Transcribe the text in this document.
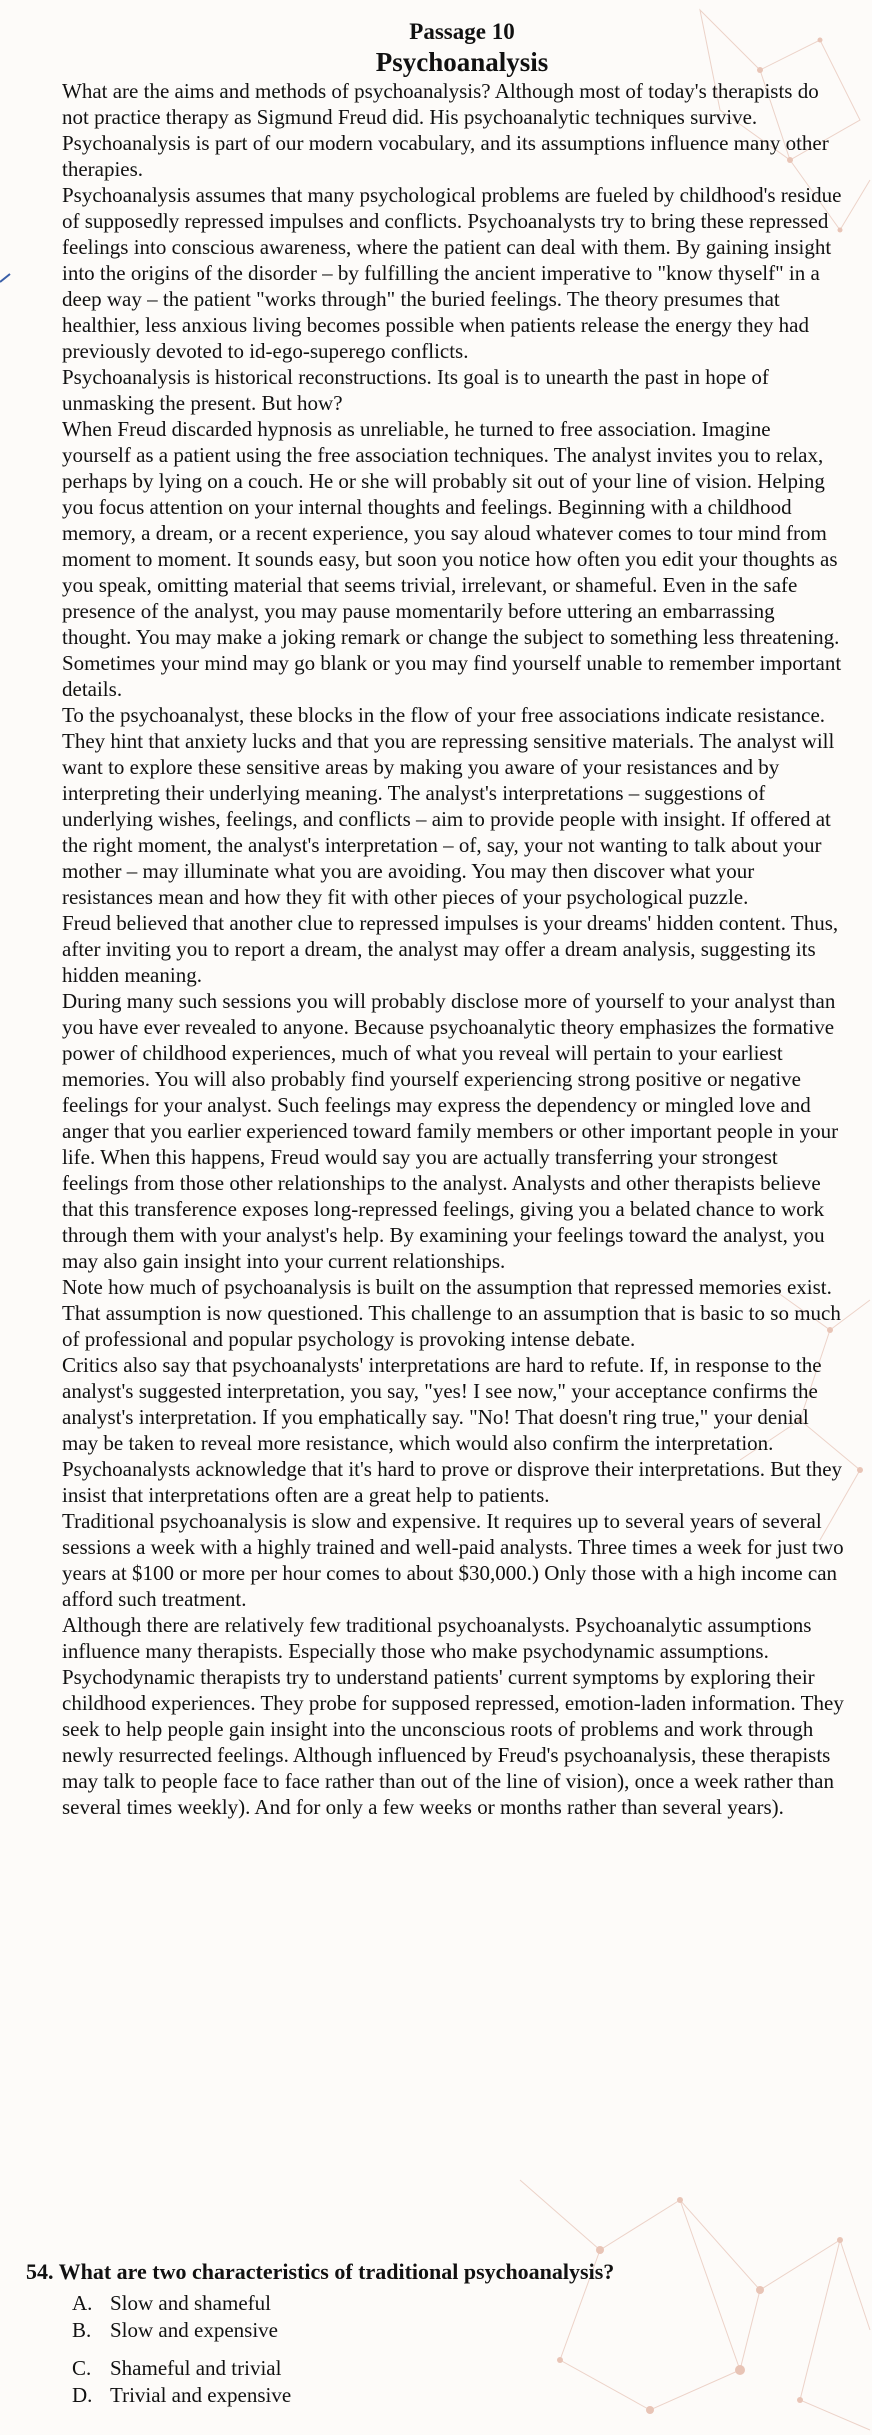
Passage 10
Psychoanalysis

What are the aims and methods of psychoanalysis? Although most of today's therapists do not practice therapy as Sigmund Freud did. His psychoanalytic techniques survive. Psychoanalysis is part of our modern vocabulary, and its assumptions influence many other therapies.

Psychoanalysis assumes that many psychological problems are fueled by childhood's residue of supposedly repressed impulses and conflicts. Psychoanalysts try to bring these repressed feelings into conscious awareness, where the patient can deal with them. By gaining insight into the origins of the disorder – by fulfilling the ancient imperative to "know thyself" in a deep way – the patient "works through" the buried feelings. The theory presumes that healthier, less anxious living becomes possible when patients release the energy they had previously devoted to id-ego-superego conflicts.

Psychoanalysis is historical reconstructions. Its goal is to unearth the past in hope of unmasking the present. But how?

When Freud discarded hypnosis as unreliable, he turned to free association. Imagine yourself as a patient using the free association techniques. The analyst invites you to relax, perhaps by lying on a couch. He or she will probably sit out of your line of vision. Helping you focus attention on your internal thoughts and feelings. Beginning with a childhood memory, a dream, or a recent experience, you say aloud whatever comes to tour mind from moment to moment. It sounds easy, but soon you notice how often you edit your thoughts as you speak, omitting material that seems trivial, irrelevant, or shameful. Even in the safe presence of the analyst, you may pause momentarily before uttering an embarrassing thought. You may make a joking remark or change the subject to something less threatening. Sometimes your mind may go blank or you may find yourself unable to remember important details.

To the psychoanalyst, these blocks in the flow of your free associations indicate resistance. They hint that anxiety lucks and that you are repressing sensitive materials. The analyst will want to explore these sensitive areas by making you aware of your resistances and by interpreting their underlying meaning. The analyst's interpretations – suggestions of underlying wishes, feelings, and conflicts – aim to provide people with insight. If offered at the right moment, the analyst's interpretation – of, say, your not wanting to talk about your mother – may illuminate what you are avoiding. You may then discover what your resistances mean and how they fit with other pieces of your psychological puzzle.

Freud believed that another clue to repressed impulses is your dreams' hidden content. Thus, after inviting you to report a dream, the analyst may offer a dream analysis, suggesting its hidden meaning.

During many such sessions you will probably disclose more of yourself to your analyst than you have ever revealed to anyone. Because psychoanalytic theory emphasizes the formative power of childhood experiences, much of what you reveal will pertain to your earliest memories. You will also probably find yourself experiencing strong positive or negative feelings for your analyst. Such feelings may express the dependency or mingled love and anger that you earlier experienced toward family members or other important people in your life. When this happens, Freud would say you are actually transferring your strongest feelings from those other relationships to the analyst. Analysts and other therapists believe that this transference exposes long-repressed feelings, giving you a belated chance to work through them with your analyst's help. By examining your feelings toward the analyst, you may also gain insight into your current relationships.

Note how much of psychoanalysis is built on the assumption that repressed memories exist. That assumption is now questioned. This challenge to an assumption that is basic to so much of professional and popular psychology is provoking intense debate.

Critics also say that psychoanalysts' interpretations are hard to refute. If, in response to the analyst's suggested interpretation, you say, "yes! I see now," your acceptance confirms the analyst's interpretation. If you emphatically say. "No! That doesn't ring true," your denial may be taken to reveal more resistance, which would also confirm the interpretation. Psychoanalysts acknowledge that it's hard to prove or disprove their interpretations. But they insist that interpretations often are a great help to patients.

Traditional psychoanalysis is slow and expensive. It requires up to several years of several sessions a week with a highly trained and well-paid analysts. Three times a week for just two years at $100 or more per hour comes to about $30,000.) Only those with a high income can afford such treatment.

Although there are relatively few traditional psychoanalysts. Psychoanalytic assumptions influence many therapists. Especially those who make psychodynamic assumptions. Psychodynamic therapists try to understand patients' current symptoms by exploring their childhood experiences. They probe for supposed repressed, emotion-laden information. They seek to help people gain insight into the unconscious roots of problems and work through newly resurrected feelings. Although influenced by Freud's psychoanalysis, these therapists may talk to people face to face rather than out of the line of vision), once a week rather than several times weekly). And for only a few weeks or months rather than several years).

54. What are two characteristics of traditional psychoanalysis?
A. Slow and shameful
B. Slow and expensive
C. Shameful and trivial
D. Trivial and expensive
